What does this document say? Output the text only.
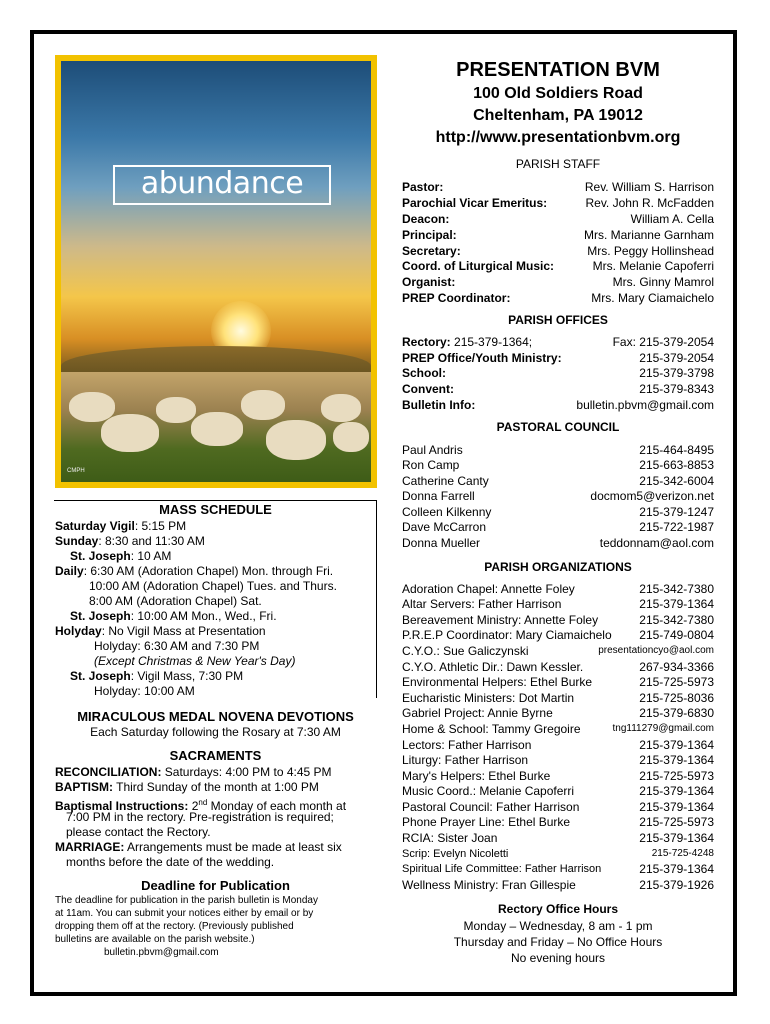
abundance
CMPH
PRESENTATION BVM
100 Old Soldiers Road
Cheltenham, PA 19012
http://www.presentationbvm.org
PARISH STAFF
Pastor:	Rev. William S. Harrison
Parochial Vicar Emeritus:	Rev. John R. McFadden
Deacon:	William A. Cella
Principal:	Mrs. Marianne Garnham
Secretary:	Mrs. Peggy Hollinshead
Coord. of Liturgical Music:	Mrs. Melanie Capoferri
Organist:	Mrs. Ginny Mamrol
PREP Coordinator:	Mrs. Mary Ciamaichelo
PARISH OFFICES
Rectory: 215-379-1364;	Fax: 215-379-2054
PREP Office/Youth Ministry:	215-379-2054
School:	215-379-3798
Convent:	215-379-8343
Bulletin Info:	bulletin.pbvm@gmail.com
PASTORAL COUNCIL
Paul Andris	215-464-8495
Ron Camp	215-663-8853
Catherine Canty	215-342-6004
Donna Farrell	docmom5@verizon.net
Colleen Kilkenny	215-379-1247
Dave McCarron	215-722-1987
Donna Mueller	teddonnam@aol.com
PARISH ORGANIZATIONS
Adoration Chapel: Annette Foley	215-342-7380
Altar Servers: Father Harrison	215-379-1364
Bereavement Ministry: Annette Foley	215-342-7380
P.R.E.P Coordinator: Mary Ciamaichelo 215-749-0804
C.Y.O.: Sue Galiczynski	presentationcyo@aol.com
C.Y.O. Athletic Dir.: Dawn Kessler.	267-934-3366
Environmental Helpers: Ethel Burke	215-725-5973
Eucharistic Ministers: Dot Martin	215-725-8036
Gabriel Project: Annie Byrne	215-379-6830
Home & School: Tammy Gregoire	tng111279@gmail.com
Lectors: Father Harrison	215-379-1364
Liturgy: Father Harrison	215-379-1364
Mary's Helpers: Ethel Burke	215-725-5973
Music Coord.: Melanie Capoferri	215-379-1364
Pastoral Council: Father Harrison	215-379-1364
Phone Prayer Line: Ethel Burke	215-725-5973
RCIA: Sister Joan	215-379-1364
Scrip: Evelyn Nicoletti	215-725-4248
Spiritual Life Committee: Father Harrison	215-379-1364
Wellness Ministry: Fran Gillespie	215-379-1926
Rectory Office Hours
Monday – Wednesday, 8 am - 1 pm
Thursday and Friday – No Office Hours
No evening hours
MASS SCHEDULE
Saturday Vigil: 5:15 PM
Sunday: 8:30 and 11:30 AM
St. Joseph: 10 AM
Daily: 6:30 AM (Adoration Chapel) Mon. through Fri.
10:00 AM (Adoration Chapel) Tues. and Thurs.
8:00 AM (Adoration Chapel) Sat.
St. Joseph: 10:00 AM Mon., Wed., Fri.
Holyday: No Vigil Mass at Presentation
Holyday: 6:30 AM and 7:30 PM
(Except Christmas & New Year's Day)
St. Joseph: Vigil Mass, 7:30 PM
Holyday: 10:00 AM
MIRACULOUS MEDAL NOVENA DEVOTIONS
Each Saturday following the Rosary at 7:30 AM
SACRAMENTS
RECONCILIATION: Saturdays: 4:00 PM to 4:45 PM
BAPTISM: Third Sunday of the month at 1:00 PM
Baptismal Instructions: 2nd Monday of each month at
7:00 PM in the rectory. Pre-registration is required;
please contact the Rectory.
MARRIAGE: Arrangements must be made at least six
months before the date of the wedding.
Deadline for Publication
The deadline for publication in the parish bulletin is Monday
at 11am. You can submit your notices either by email or by
dropping them off at the rectory. (Previously published
bulletins are available on the parish website.)
bulletin.pbvm@gmail.com
